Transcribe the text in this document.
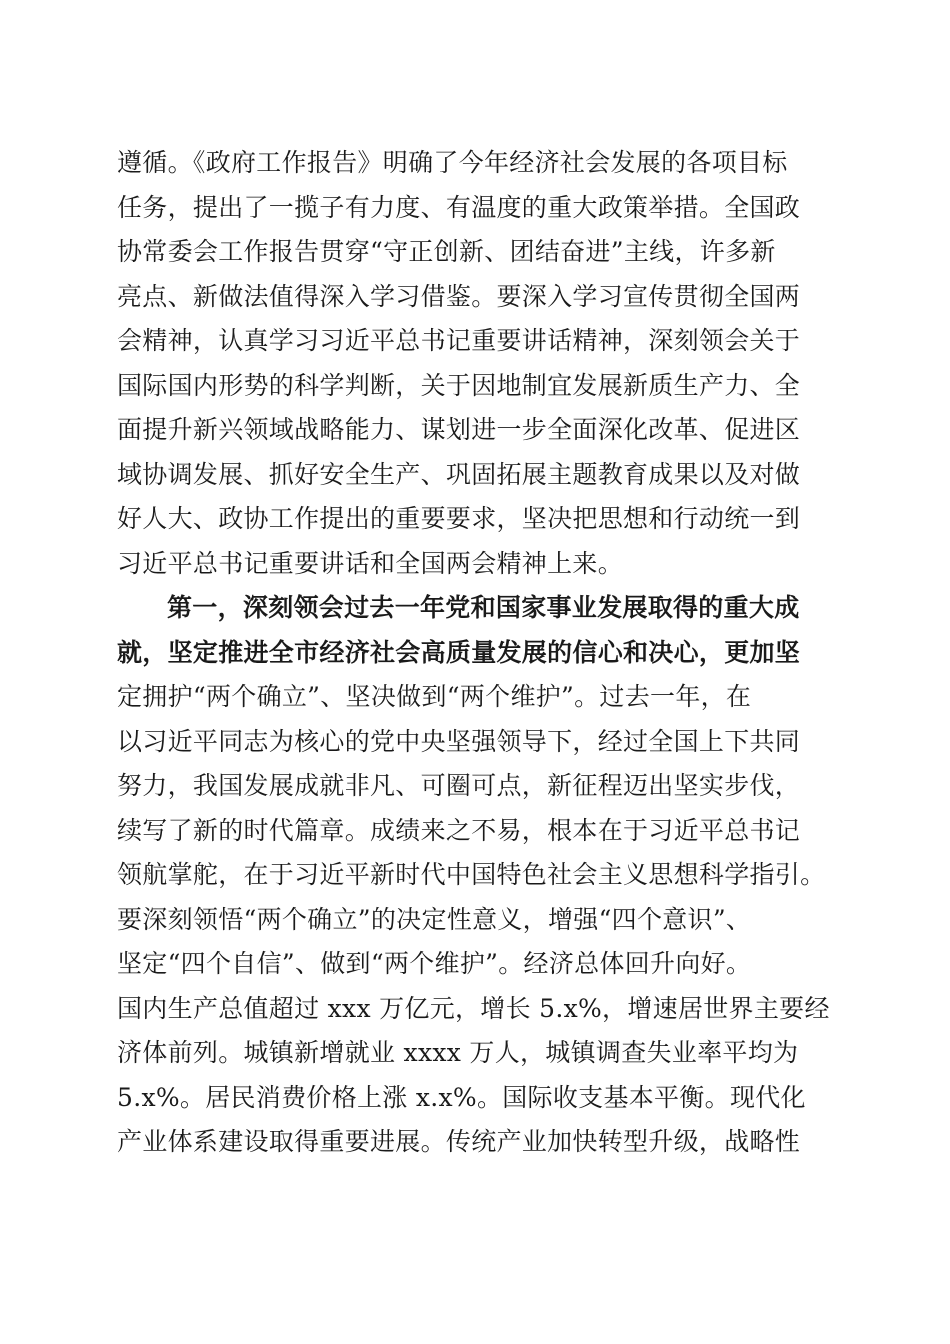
遵循。《政府工作报告》明确了今年经济社会发展的各项目标
任务，提出了一揽子有力度、有温度的重大政策举措。全国政
协常委会工作报告贯穿“守正创新、团结奋进”主线，许多新
亮点、新做法值得深入学习借鉴。要深入学习宣传贯彻全国两
会精神，认真学习习近平总书记重要讲话精神，深刻领会关于
国际国内形势的科学判断，关于因地制宜发展新质生产力、全
面提升新兴领域战略能力、谋划进一步全面深化改革、促进区
域协调发展、抓好安全生产、巩固拓展主题教育成果以及对做
好人大、政协工作提出的重要要求，坚决把思想和行动统一到
习近平总书记重要讲话和全国两会精神上来。
第一，深刻领会过去一年党和国家事业发展取得的重大成
就，坚定推进全市经济社会高质量发展的信心和决心，更加坚
定拥护“两个确立”、坚决做到“两个维护”。过去一年，在
以习近平同志为核心的党中央坚强领导下，经过全国上下共同
努力，我国发展成就非凡、可圈可点，新征程迈出坚实步伐，
续写了新的时代篇章。成绩来之不易，根本在于习近平总书记
领航掌舵，在于习近平新时代中国特色社会主义思想科学指引。
要深刻领悟“两个确立”的决定性意义，增强“四个意识”、
坚定“四个自信”、做到“两个维护”。经济总体回升向好。
国内生产总值超过 xxx 万亿元，增长 5.x%，增速居世界主要经
济体前列。城镇新增就业 xxxx 万人，城镇调查失业率平均为
5.x%。居民消费价格上涨 x.x%。国际收支基本平衡。现代化
产业体系建设取得重要进展。传统产业加快转型升级，战略性
